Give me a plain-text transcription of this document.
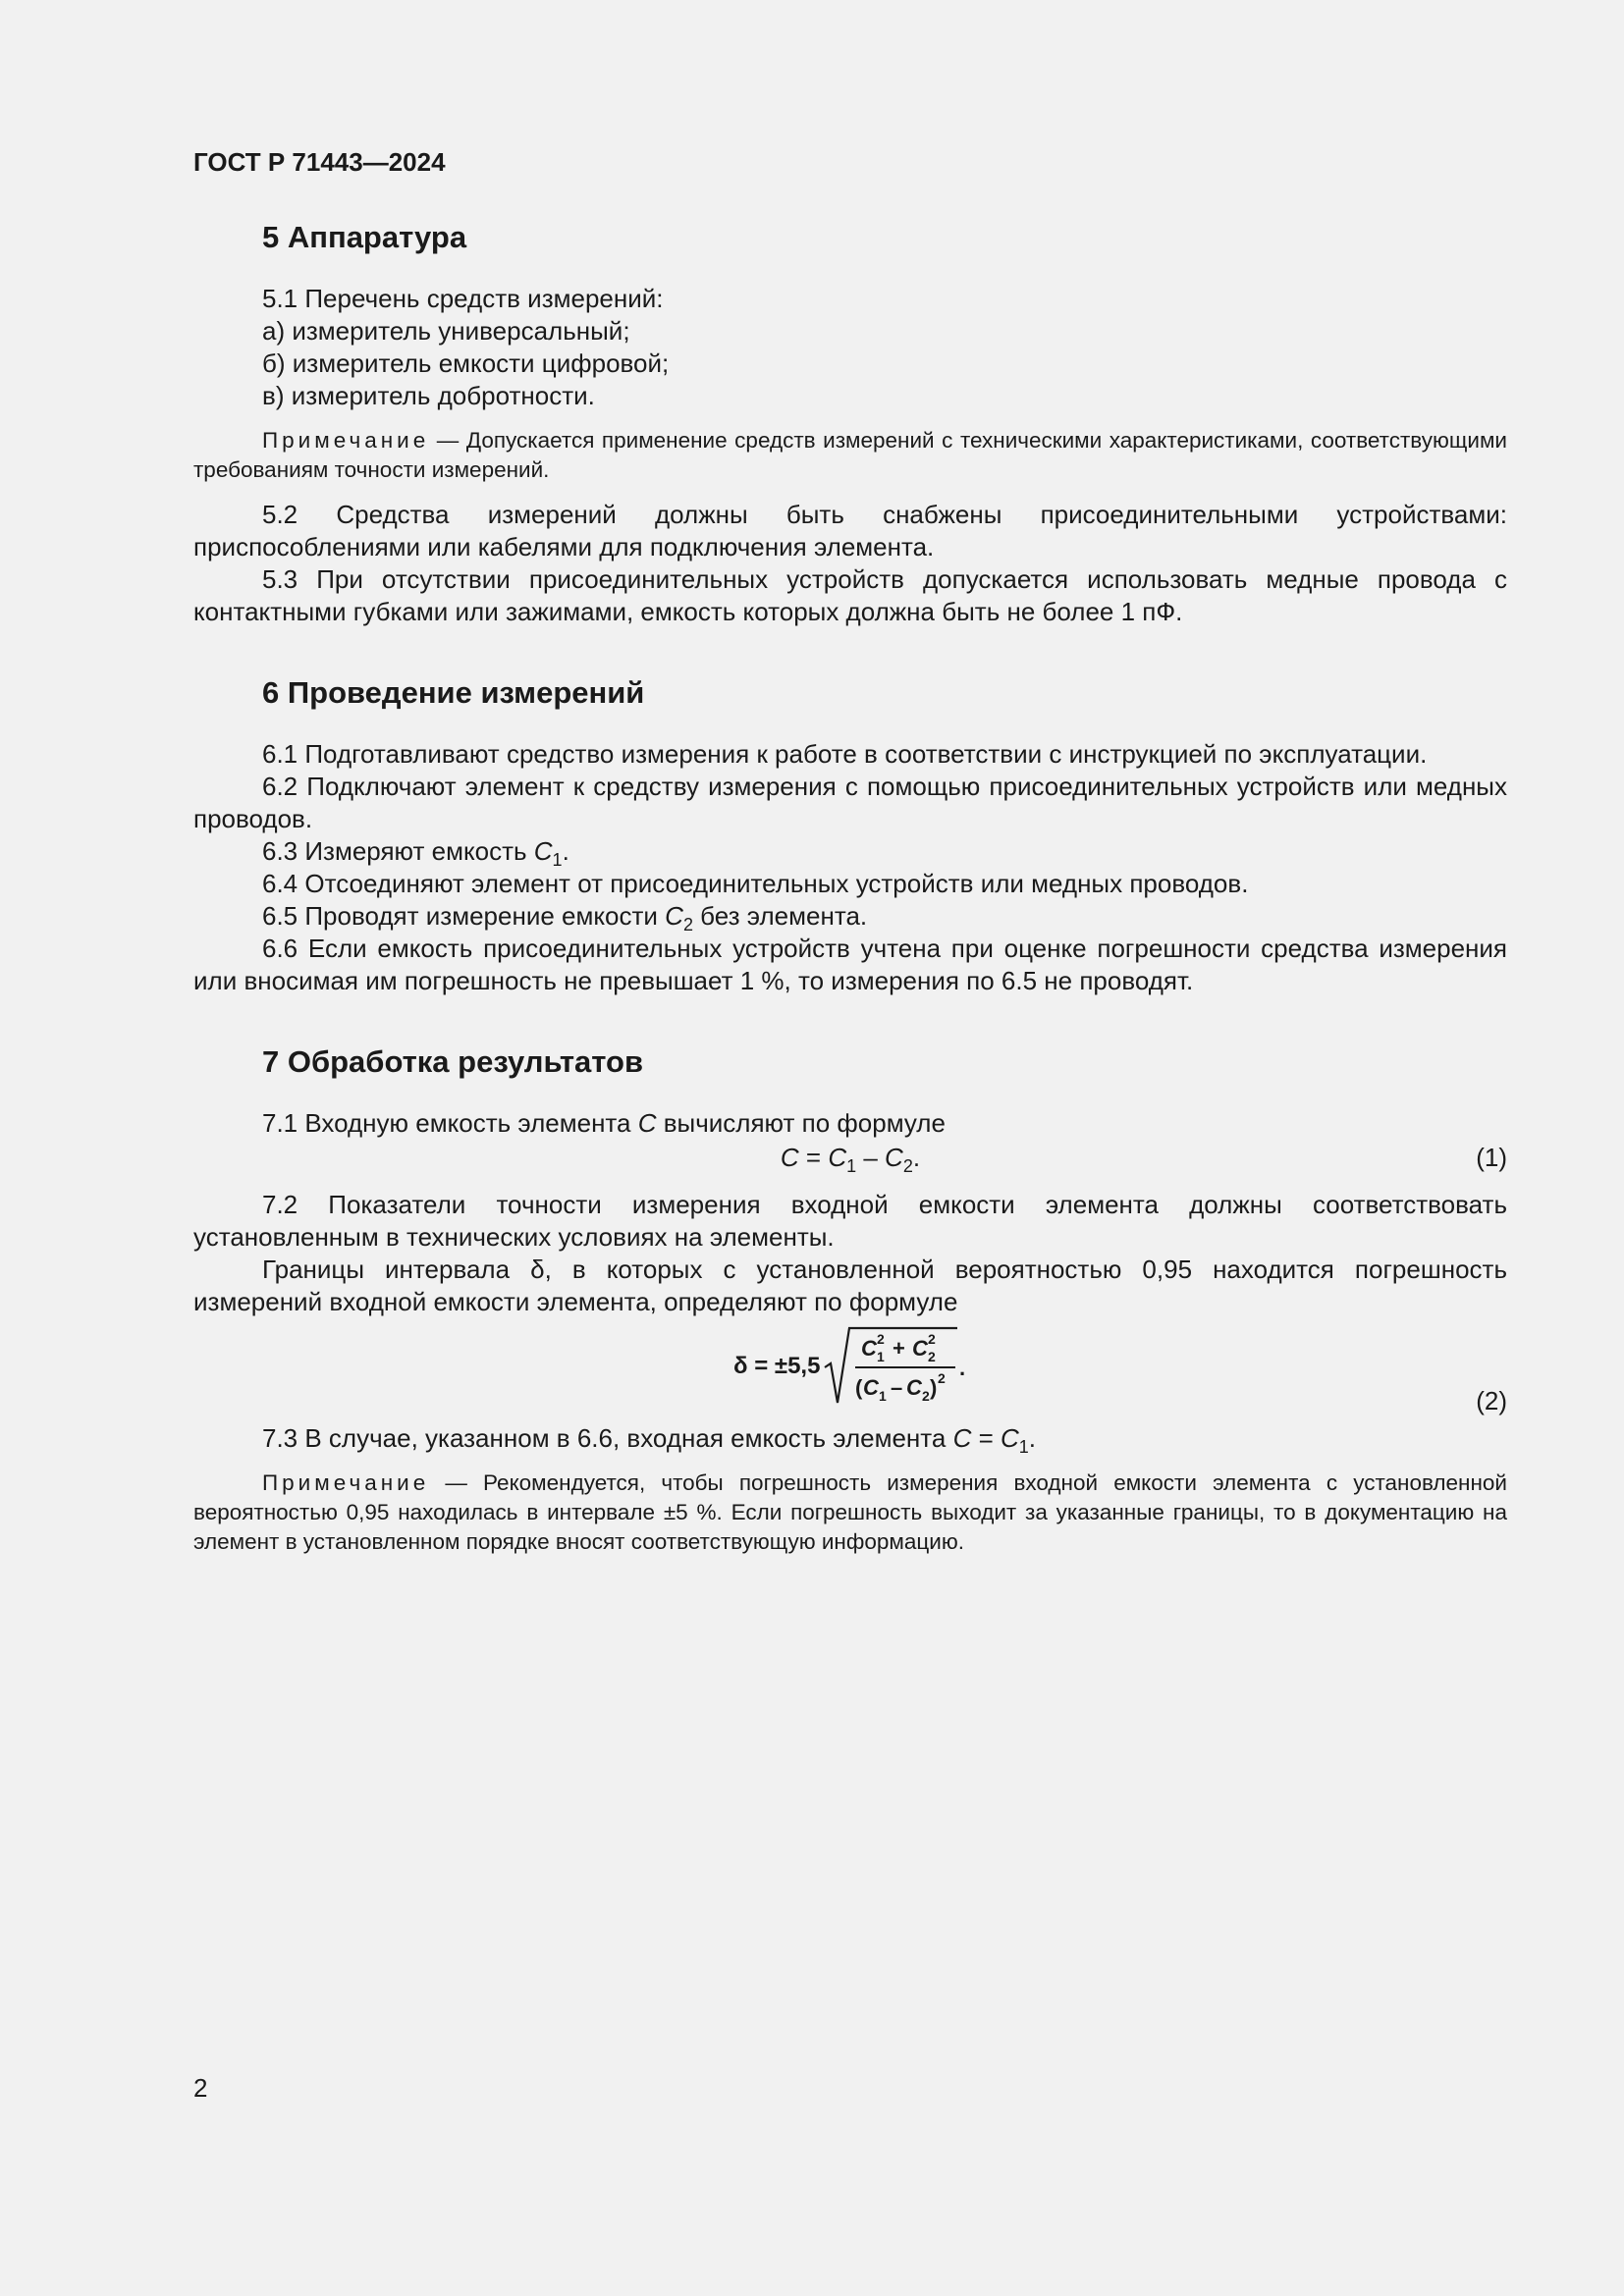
ГОСТ Р 71443—2024
5 Аппаратура

5.1 Перечень средств измерений:

а) измеритель универсальный;

б) измеритель емкости цифровой;

в) измеритель добротности.

Примечание — Допускается применение средств измерений с техническими характеристиками, соответствующими требованиям точности измерений.

5.2 Средства измерений должны быть снабжены присоединительными устройствами: приспособлениями или кабелями для подключения элемента.

5.3 При отсутствии присоединительных устройств допускается использовать медные провода с контактными губками или зажимами, емкость которых должна быть не более 1 пФ.

6 Проведение измерений

6.1 Подготавливают средство измерения к работе в соответствии с инструкцией по эксплуатации.

6.2 Подключают элемент к средству измерения с помощью присоединительных устройств или медных проводов.

6.3 Измеряют емкость $C_1$.

6.4 Отсоединяют элемент от присоединительных устройств или медных проводов.

6.5 Проводят измерение емкости $C_2$ без элемента.

6.6 Если емкость присоединительных устройств учтена при оценке погрешности средства измерения или вносимая им погрешность не превышает 1 %, то измерения по 6.5 не проводят.

7 Обработка результатов

7.1 Входную емкость элемента C вычисляют по формуле

$C = C_1 - C_2$.	(1)

7.2 Показатели точности измерения входной емкости элемента должны соответствовать установленным в технических условиях на элементы.

Границы интервала δ, в которых с установленной вероятностью 0,95 находится погрешность измерений входной емкости элемента, определяют по формуле

δ = ±5,5
C 1
2 + C 2
2
( C 1 – C 2 ) 2 .
(2)

7.3 В случае, указанном в 6.6, входная емкость элемента $C = C_1$.

Примечание — Рекомендуется, чтобы погрешность измерения входной емкости элемента с установленной вероятностью 0,95 находилась в интервале ±5 %. Если погрешность выходит за указанные границы, то в документацию на элемент в установленном порядке вносят соответствующую информацию.

2
